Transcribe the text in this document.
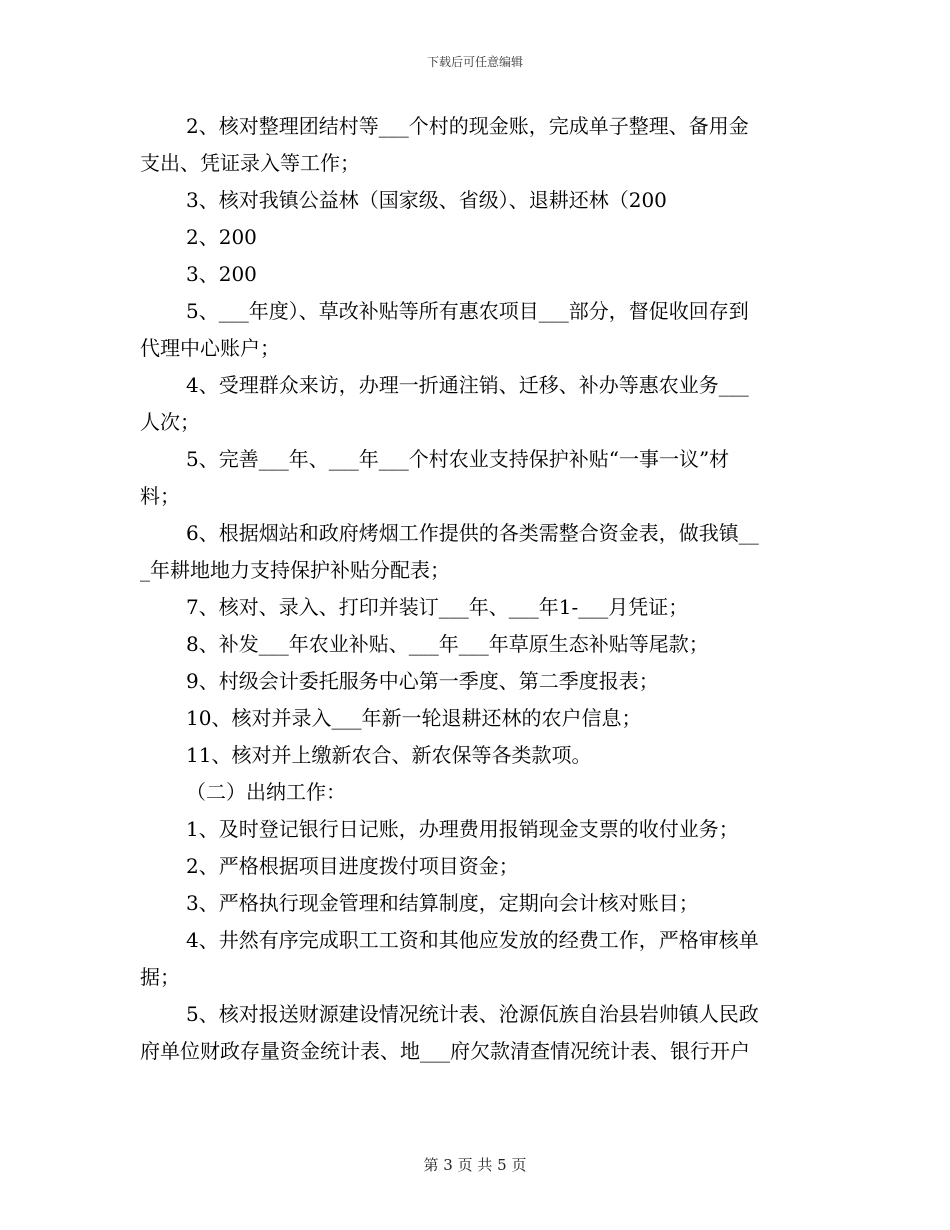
下载后可任意编辑
2、核对整理团结村等___个村的现金账，完成单子整理、备用金
支出、凭证录入等工作；
3、核对我镇公益林（国家级、省级）、退耕还林（200
2、200
3、200
5、___年度）、草改补贴等所有惠农项目___部分，督促收回存到
代理中心账户；
4、受理群众来访，办理一折通注销、迁移、补办等惠农业务___
人次；
5、完善___年、___年___个村农业支持保护补贴“一事一议”材
料；
6、根据烟站和政府烤烟工作提供的各类需整合资金表，做我镇__
_年耕地地力支持保护补贴分配表；
7、核对、录入、打印并装订___年、___年1-___月凭证；
8、补发___年农业补贴、___年___年草原生态补贴等尾款；
9、村级会计委托服务中心第一季度、第二季度报表；
10、核对并录入___年新一轮退耕还林的农户信息；
11、核对并上缴新农合、新农保等各类款项。
（二）出纳工作：
1、及时登记银行日记账，办理费用报销现金支票的收付业务；
2、严格根据项目进度拨付项目资金；
3、严格执行现金管理和结算制度，定期向会计核对账目；
4、井然有序完成职工工资和其他应发放的经费工作，严格审核单
据；
5、核对报送财源建设情况统计表、沧源佤族自治县岩帅镇人民政
府单位财政存量资金统计表、地___府欠款清查情况统计表、银行开户
第 3 页 共 5 页
